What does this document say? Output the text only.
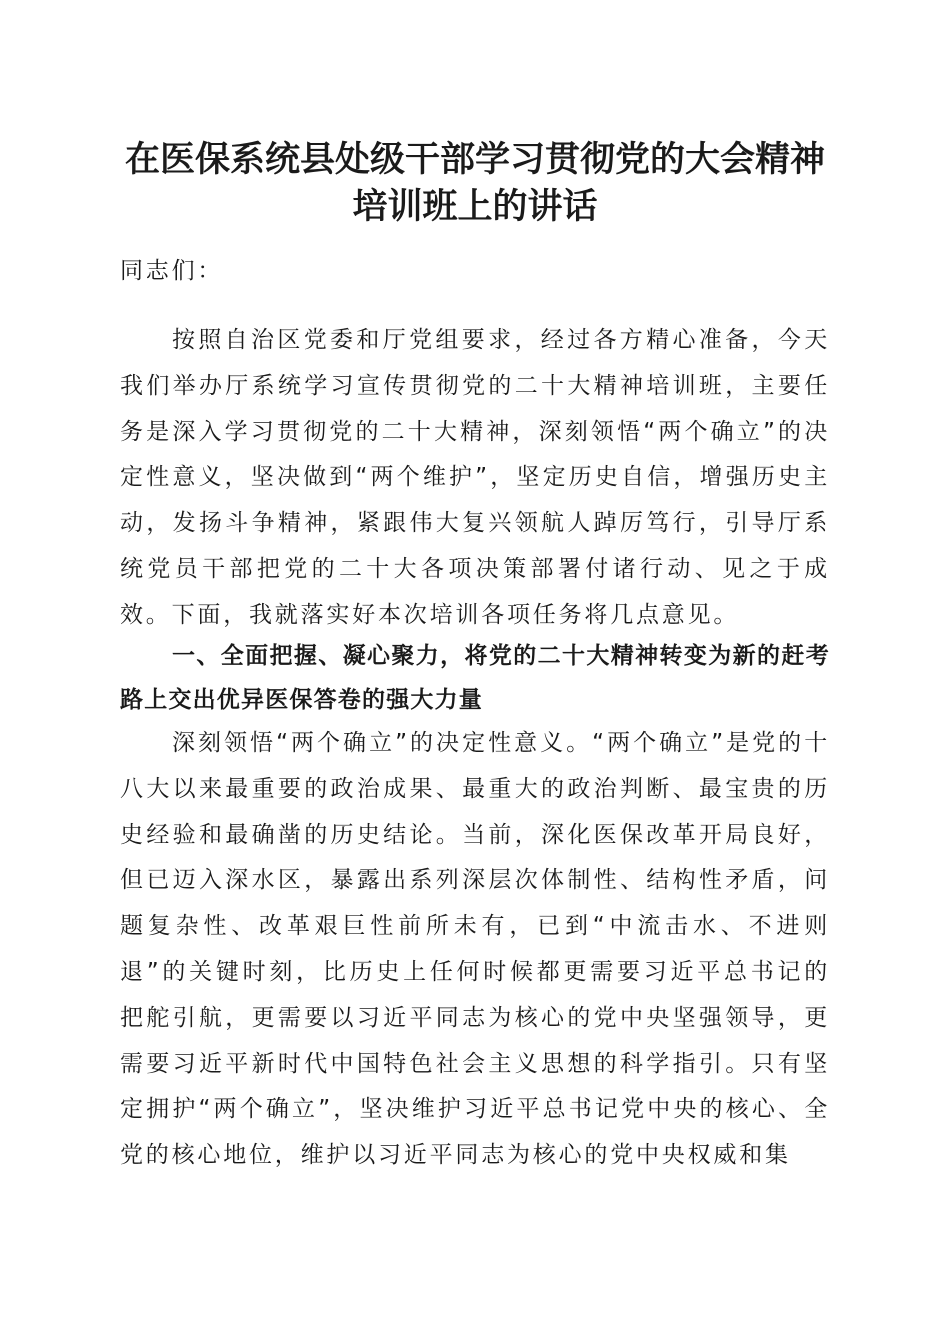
在医保系统县处级干部学习贯彻党的大会精神
培训班上的讲话

同志们：

按照自治区党委和厅党组要求，经过各方精心准备，今天我们举办厅系统学习宣传贯彻党的二十大精神培训班，主要任务是深入学习贯彻党的二十大精神，深刻领悟“两个确立”的决定性意义，坚决做到“两个维护”，坚定历史自信，增强历史主动，发扬斗争精神，紧跟伟大复兴领航人踔厉笃行，引导厅系统党员干部把党的二十大各项决策部署付诸行动、见之于成效。下面，我就落实好本次培训各项任务将几点意见。

一、全面把握、凝心聚力，将党的二十大精神转变为新的赶考路上交出优异医保答卷的强大力量

深刻领悟“两个确立”的决定性意义。“两个确立”是党的十八大以来最重要的政治成果、最重大的政治判断、最宝贵的历史经验和最确凿的历史结论。当前，深化医保改革开局良好，但已迈入深水区，暴露出系列深层次体制性、结构性矛盾，问题复杂性、改革艰巨性前所未有，已到“中流击水、不进则退”的关键时刻，比历史上任何时候都更需要习近平总书记的把舵引航，更需要以习近平同志为核心的党中央坚强领导，更需要习近平新时代中国特色社会主义思想的科学指引。只有坚定拥护“两个确立”，坚决维护习近平总书记党中央的核心、全党的核心地位，维护以习近平同志为核心的党中央权威和集
